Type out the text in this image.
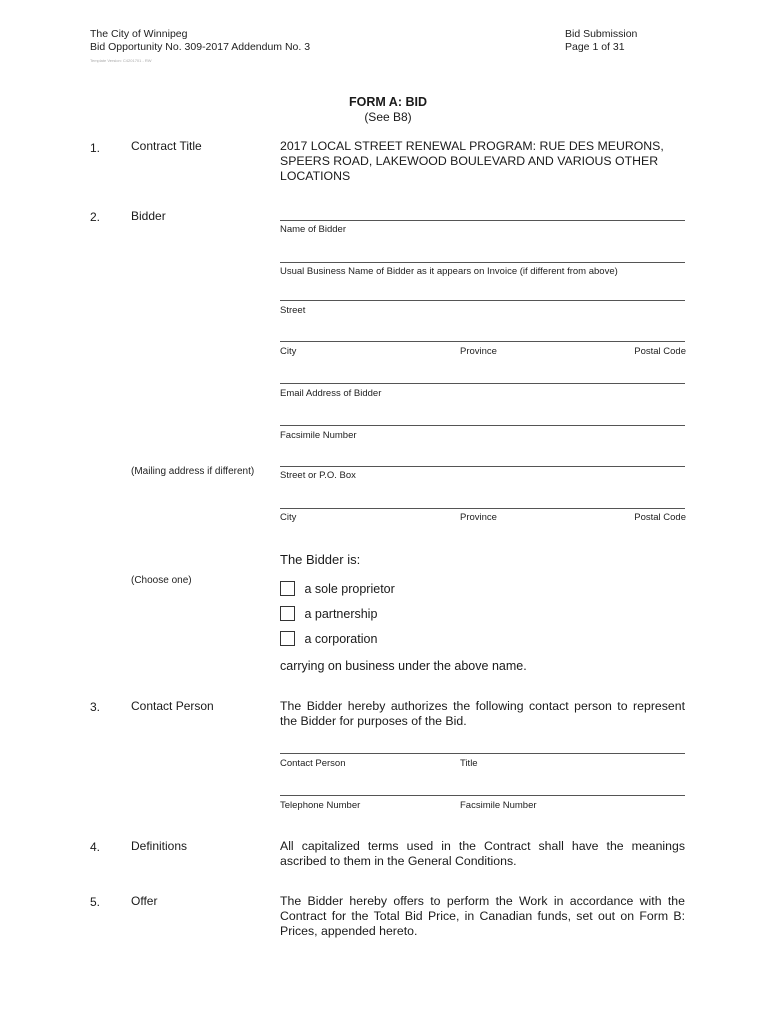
The City of Winnipeg
Bid Opportunity No. 309-2017 Addendum No. 3
Template Version: C4201701 - RW
Bid Submission
Page 1 of 31
FORM A: BID
(See B8)
1.	Contract Title	2017 LOCAL STREET RENEWAL PROGRAM: RUE DES MEURONS,
SPEERS ROAD, LAKEWOOD BOULEVARD AND VARIOUS OTHER
LOCATIONS
2.	Bidder
Name of Bidder
Usual Business Name of Bidder as it appears on Invoice (if different from above)
Street
City	Province	Postal Code
Email Address of Bidder
Facsimile Number
(Mailing address if different)	Street or P.O. Box
City	Province	Postal Code
The Bidder is:
(Choose one)
a sole proprietor
a partnership
a corporation
carrying on business under the above name.
3.	Contact Person	The Bidder hereby authorizes the following contact person to represent
the Bidder for purposes of the Bid.
Contact Person	Title
Telephone Number	Facsimile Number
4.	Definitions	All capitalized terms used in the Contract shall have the meanings
ascribed to them in the General Conditions.
5.	Offer	The Bidder hereby offers to perform the Work in accordance with the
Contract for the Total Bid Price, in Canadian funds, set out on Form B:
Prices, appended hereto.
